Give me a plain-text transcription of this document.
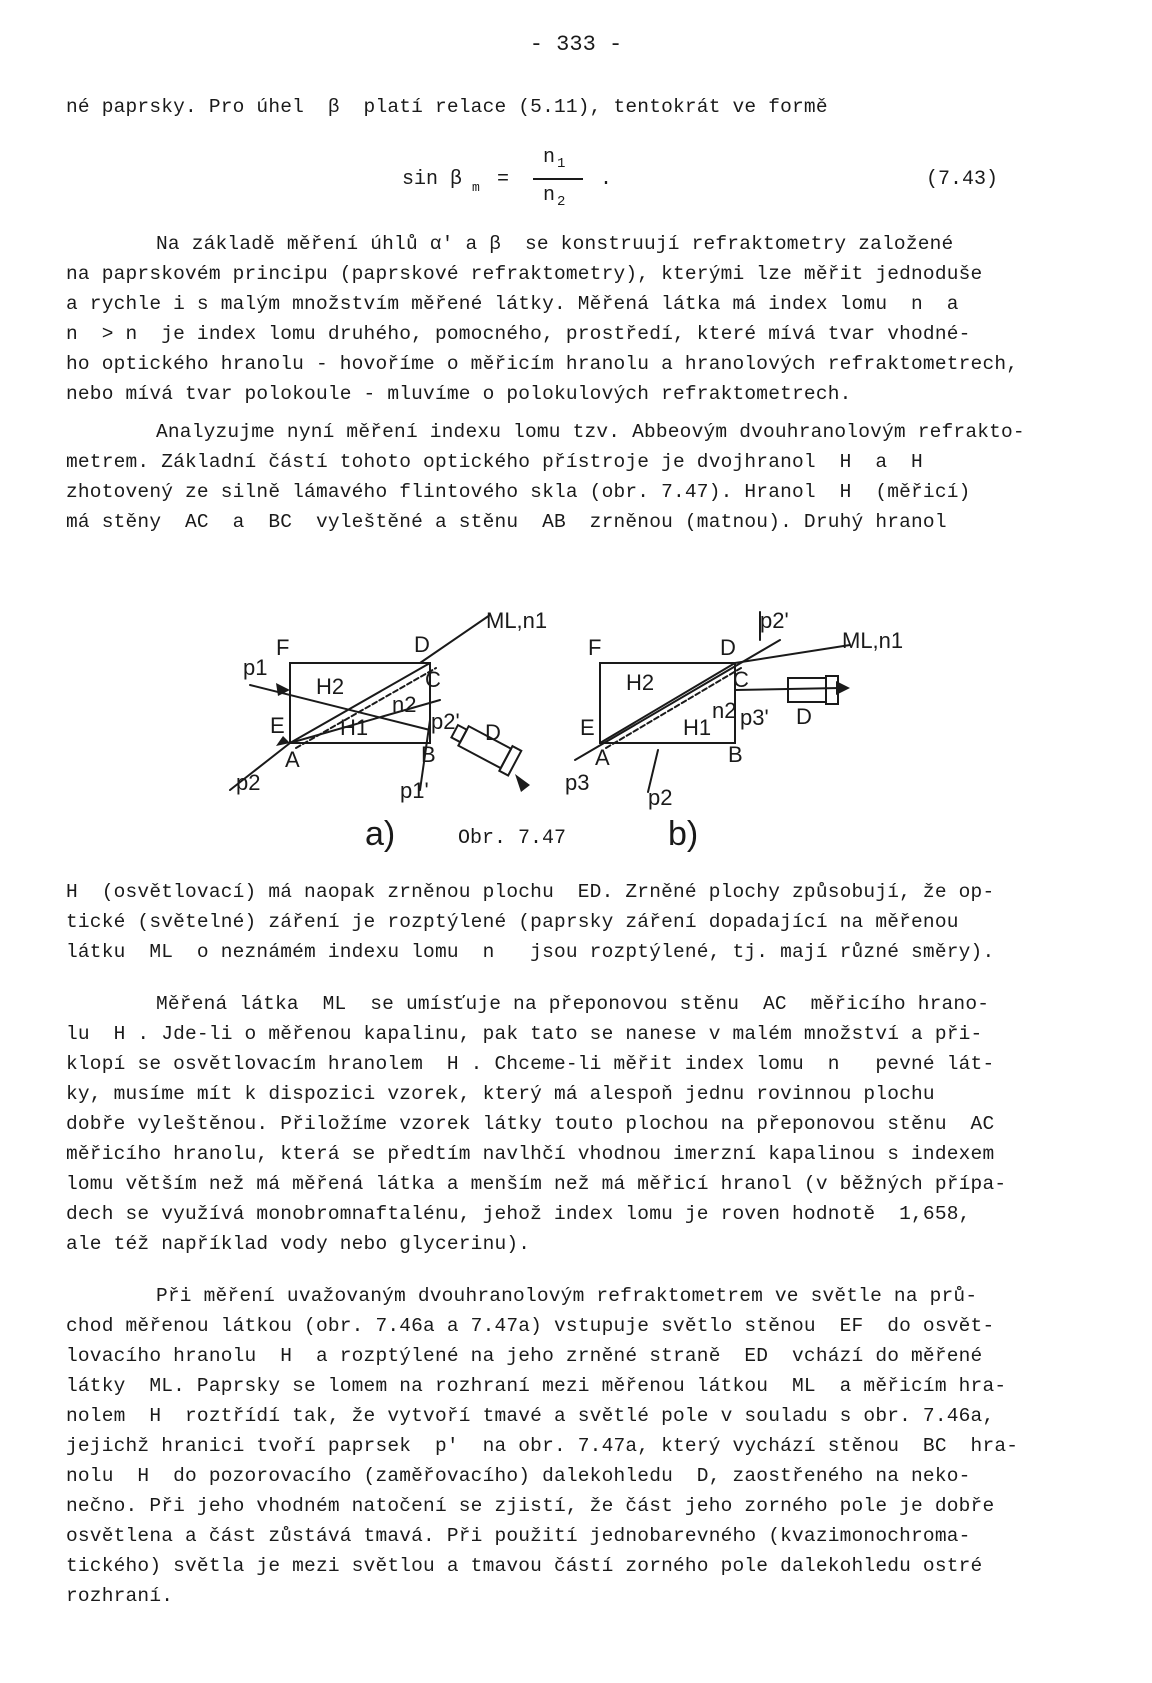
- 333 -
né paprsky. Pro úhel  β  platí relace (5.11), tentokrát ve formě
sin β m =
n 1
n 2
.	(7.43)
Na základě měření úhlů α′ a β  se konstruují refraktometry založené
na paprskovém principu (paprskové refraktometry), kterými lze měřit jednoduše
a rychle i s malým množstvím měřené látky. Měřená látka má index lomu  n  a
n  > n  je index lomu druhého, pomocného, prostředí, které mívá tvar vhodné-
ho optického hranolu - hovoříme o měřicím hranolu a hranolových refraktometrech,
nebo mívá tvar polokoule - mluvíme o polokulových refraktometrech.
Analyzujme nyní měření indexu lomu tzv. Abbeovým dvouhranolovým refrakto-
metrem. Základní částí tohoto optického přístroje je dvojhranol  H  a  H
zhotovený ze silně lámavého flintového skla (obr. 7.47). Hranol  H  (měřicí)
má stěny  AC  a  BC  vyleštěné a stěnu  AB  zrněnou (matnou). Druhý hranol
F	D
C
E
A	B
H2
H1
n2
ML,n1
p1
p2
p2'
p1'
D
F	D
C
E
A	B
H2
H1
n2
ML,n1
p3
p2
p3'
p2'
D
a)	Obr. 7.47	b)
H  (osvětlovací) má naopak zrněnou plochu  ED. Zrněné plochy způsobují, že op-
tické (světelné) záření je rozptýlené (paprsky záření dopadající na měřenou
látku  ML  o neznámém indexu lomu  n   jsou rozptýlené, tj. mají různé směry).
Měřená látka  ML  se umísťuje na přeponovou stěnu  AC  měřicího hrano-
lu  H . Jde-li o měřenou kapalinu, pak tato se nanese v malém množství a při-
klopí se osvětlovacím hranolem  H . Chceme-li měřit index lomu  n   pevné lát-
ky, musíme mít k dispozici vzorek, který má alespoň jednu rovinnou plochu
dobře vyleštěnou. Přiložíme vzorek látky touto plochou na přeponovou stěnu  AC
měřicího hranolu, která se předtím navlhčí vhodnou imerzní kapalinou s indexem
lomu větším než má měřená látka a menším než má měřicí hranol (v běžných přípa-
dech se využívá monobromnaftalénu, jehož index lomu je roven hodnotě  1,658,
ale též například vody nebo glycerinu).
Při měření uvažovaným dvouhranolovým refraktometrem ve světle na prů-
chod měřenou látkou (obr. 7.46a a 7.47a) vstupuje světlo stěnou  EF  do osvět-
lovacího hranolu  H  a rozptýlené na jeho zrněné straně  ED  vchází do měřené
látky  ML. Paprsky se lomem na rozhraní mezi měřenou látkou  ML  a měřicím hra-
nolem  H  roztřídí tak, že vytvoří tmavé a světlé pole v souladu s obr. 7.46a,
jejichž hranici tvoří paprsek  p′  na obr. 7.47a, který vychází stěnou  BC  hra-
nolu  H  do pozorovacího (zaměřovacího) dalekohledu  D, zaostřeného na neko-
nečno. Při jeho vhodném natočení se zjistí, že část jeho zorného pole je dobře
osvětlena a část zůstává tmavá. Při použití jednobarevného (kvazimonochroma-
tického) světla je mezi světlou a tmavou částí zorného pole dalekohledu ostré
rozhraní.
